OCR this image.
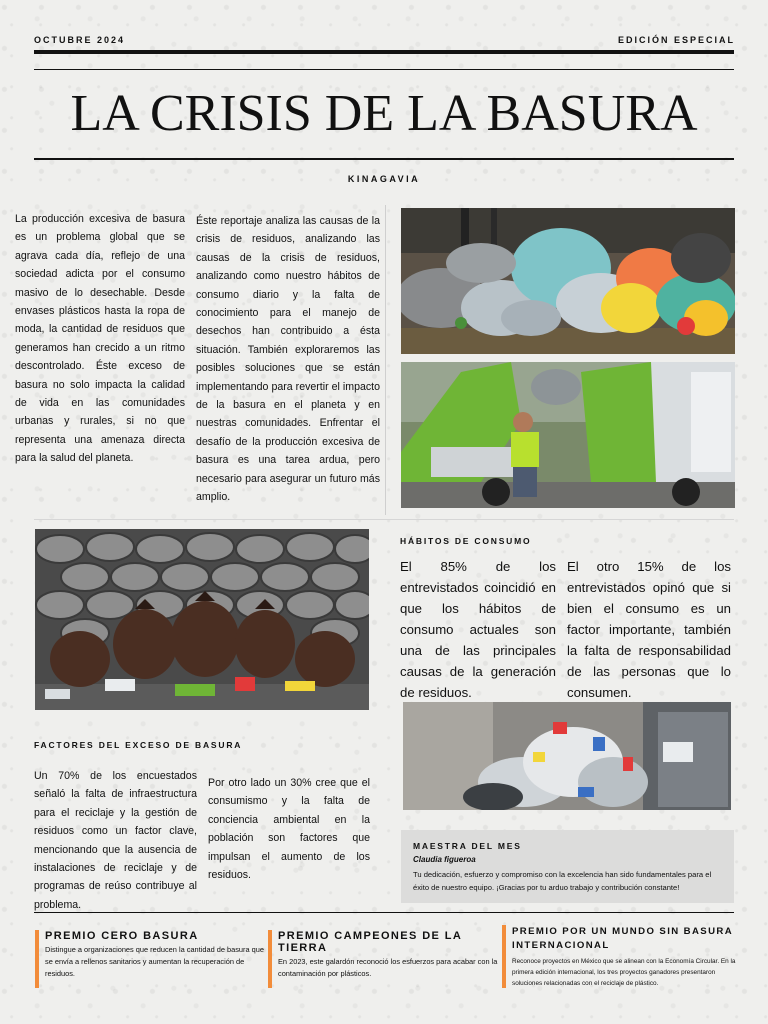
OCTUBRE 2024	EDICIÓN ESPECIAL
LA CRISIS DE LA BASURA
KINAGAVIA
La producción excesiva de basura es un problema global que se agrava cada día, reflejo de una sociedad adicta por el consumo masivo de lo desechable. Desde envases plásticos hasta la ropa de moda, la cantidad de residuos que generamos han crecido a un ritmo descontrolado. Éste exceso de basura no solo impacta la calidad de vida en las comunidades urbanas y rurales, si no que representa una amenaza directa para la salud del planeta.
Éste reportaje analiza las causas de la crisis de residuos, analizando las causas de la crisis de residuos, analizando como nuestro hábitos de consumo diario y la falta de conocimiento para el manejo de desechos han contribuido a ésta situación. También exploraremos las posibles soluciones que se están implementando para revertir el impacto de la basura en el planeta y en nuestras comunidades. Enfrentar el desafío de la producción excesiva de basura es una tarea ardua, pero necesario para asegurar un futuro más amplio.
HÁBITOS DE CONSUMO
El 85% de los entrevistados coincidió en que los hábitos de consumo actuales son una de las principales causas de la generación de residuos.
El otro 15% de los entrevistados opinó que si bien el consumo es un factor importante, también la falta de responsabilidad de las personas que lo consumen.
FACTORES DEL EXCESO DE BASURA
Un 70% de los encuestados señaló la falta de infraestructura para el reciclaje y la gestión de residuos como un factor clave, mencionando que la ausencia de instalaciones de reciclaje y de programas de reúso contribuye al problema.
Por otro lado un 30% cree que el consumismo y la falta de conciencia ambiental en la población son factores que impulsan el aumento de los residuos.
MAESTRA DEL MES
Claudia figueroa
Tu dedicación, esfuerzo y compromiso con la excelencia han sido fundamentales para el éxito de nuestro equipo. ¡Gracias por tu arduo trabajo y contribución constante!
PREMIO CERO BASURA
Distingue a organizaciones que reducen la cantidad de basura que se envía a rellenos sanitarios y aumentan la recuperación de residuos.
PREMIO CAMPEONES DE LA TIERRA
En 2023, este galardón reconoció los esfuerzos para acabar con la contaminación por plásticos.
PREMIO POR UN MUNDO SIN BASURA INTERNACIONAL
Reconoce proyectos en México que se alinean con la Economía Circular. En la primera edición internacional, los tres proyectos ganadores presentaron soluciones relacionadas con el reciclaje de plástico.
